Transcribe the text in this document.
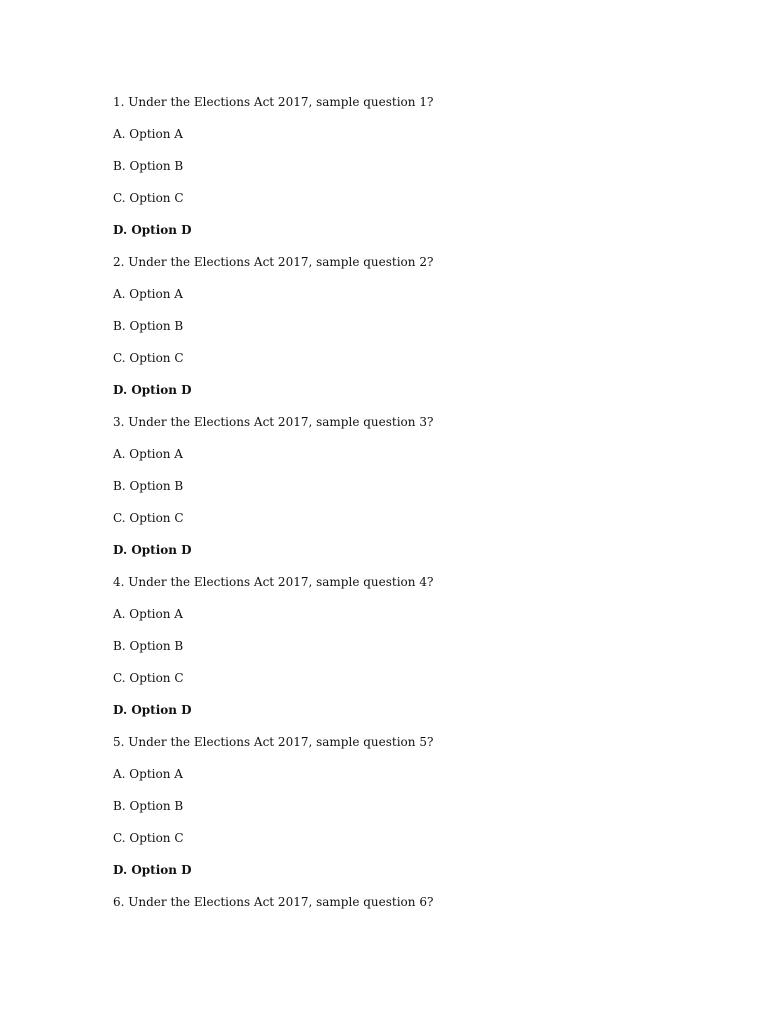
1. Under the Elections Act 2017, sample question 1?
A. Option A
B. Option B
C. Option C
D. Option D
2. Under the Elections Act 2017, sample question 2?
A. Option A
B. Option B
C. Option C
D. Option D
3. Under the Elections Act 2017, sample question 3?
A. Option A
B. Option B
C. Option C
D. Option D
4. Under the Elections Act 2017, sample question 4?
A. Option A
B. Option B
C. Option C
D. Option D
5. Under the Elections Act 2017, sample question 5?
A. Option A
B. Option B
C. Option C
D. Option D
6. Under the Elections Act 2017, sample question 6?
